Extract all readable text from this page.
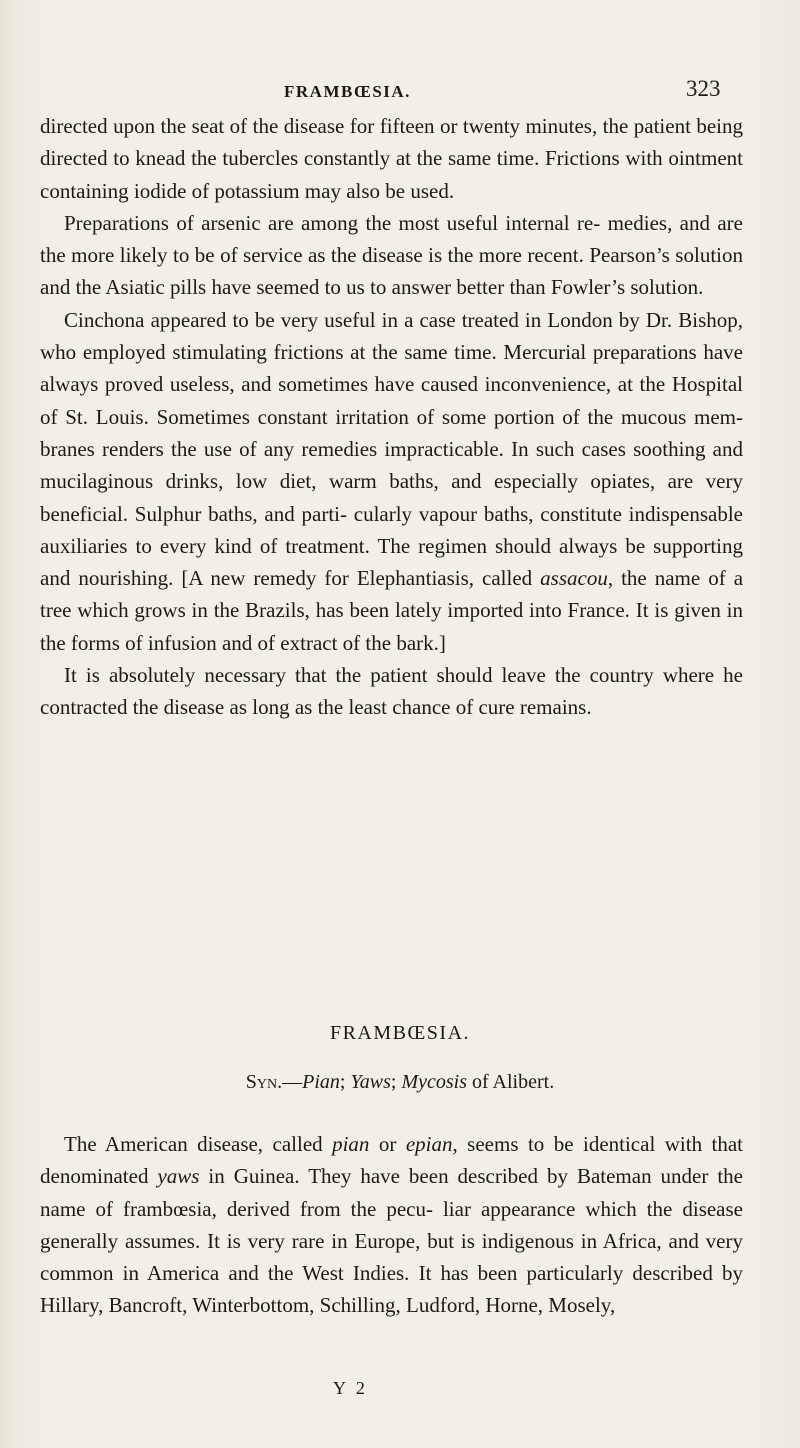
FRAMBŒSIA.	323

directed upon the seat of the disease for fifteen or twenty minutes, the patient being directed to knead the tubercles constantly at the same time. Frictions with ointment containing iodide of potassium may also be used.

Preparations of arsenic are among the most useful internal re- medies, and are the more likely to be of service as the disease is the more recent. Pearson’s solution and the Asiatic pills have seemed to us to answer better than Fowler’s solution.

Cinchona appeared to be very useful in a case treated in London by Dr. Bishop, who employed stimulating frictions at the same time. Mercurial preparations have always proved useless, and sometimes have caused inconvenience, at the Hospital of St. Louis. Sometimes constant irritation of some portion of the mucous mem- branes renders the use of any remedies impracticable. In such cases soothing and mucilaginous drinks, low diet, warm baths, and especially opiates, are very beneficial. Sulphur baths, and parti- cularly vapour baths, constitute indispensable auxiliaries to every kind of treatment. The regimen should always be supporting and nourishing. [A new remedy for Elephantiasis, called assacou, the name of a tree which grows in the Brazils, has been lately imported into France. It is given in the forms of infusion and of extract of the bark.]

It is absolutely necessary that the patient should leave the country where he contracted the disease as long as the least chance of cure remains.

FRAMBŒSIA.
Syn.—Pian; Yaws; Mycosis of Alibert.

The American disease, called pian or epian, seems to be identical with that denominated yaws in Guinea. They have been described by Bateman under the name of frambœsia, derived from the pecu- liar appearance which the disease generally assumes. It is very rare in Europe, but is indigenous in Africa, and very common in America and the West Indies. It has been particularly described by Hillary, Bancroft, Winterbottom, Schilling, Ludford, Horne, Mosely,

Y 2
